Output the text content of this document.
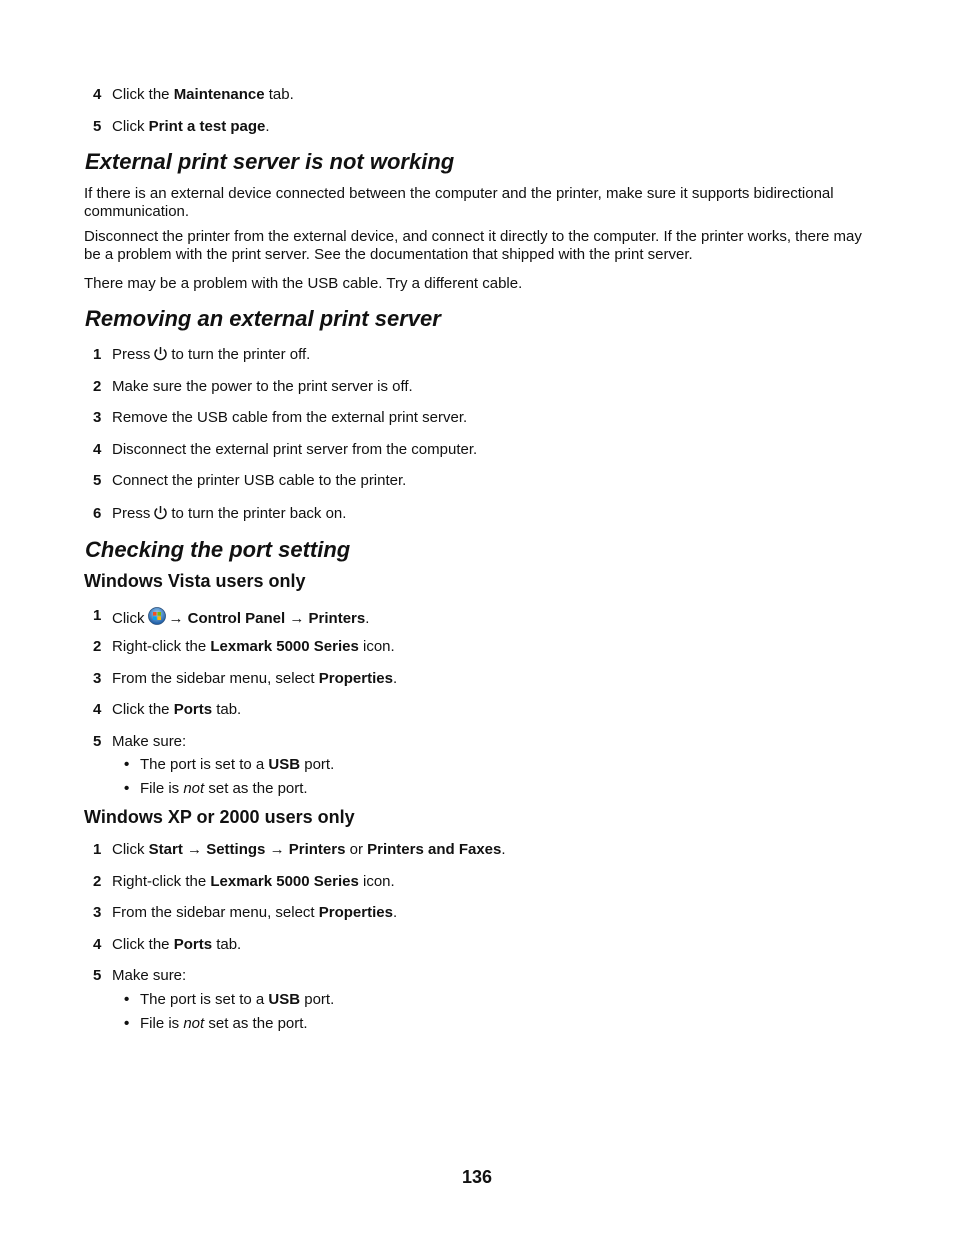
4 Click the Maintenance tab.
5 Click Print a test page.
External print server is not working
If there is an external device connected between the computer and the printer, make sure it supports bidirectional communication.
Disconnect the printer from the external device, and connect it directly to the computer. If the printer works, there may be a problem with the print server. See the documentation that shipped with the print server.
There may be a problem with the USB cable. Try a different cable.
Removing an external print server
1 Press to turn the printer off.
2 Make sure the power to the print server is off.
3 Remove the USB cable from the external print server.
4 Disconnect the external print server from the computer.
5 Connect the printer USB cable to the printer.
6 Press to turn the printer back on.
Checking the port setting
Windows Vista users only
1 Click → Control Panel → Printers.
2 Right-click the Lexmark 5000 Series icon.
3 From the sidebar menu, select Properties.
4 Click the Ports tab.
5 Make sure:
• The port is set to a USB port.
• File is not set as the port.
Windows XP or 2000 users only
1 Click Start → Settings → Printers or Printers and Faxes.
2 Right-click the Lexmark 5000 Series icon.
3 From the sidebar menu, select Properties.
4 Click the Ports tab.
5 Make sure:
• The port is set to a USB port.
• File is not set as the port.
136
